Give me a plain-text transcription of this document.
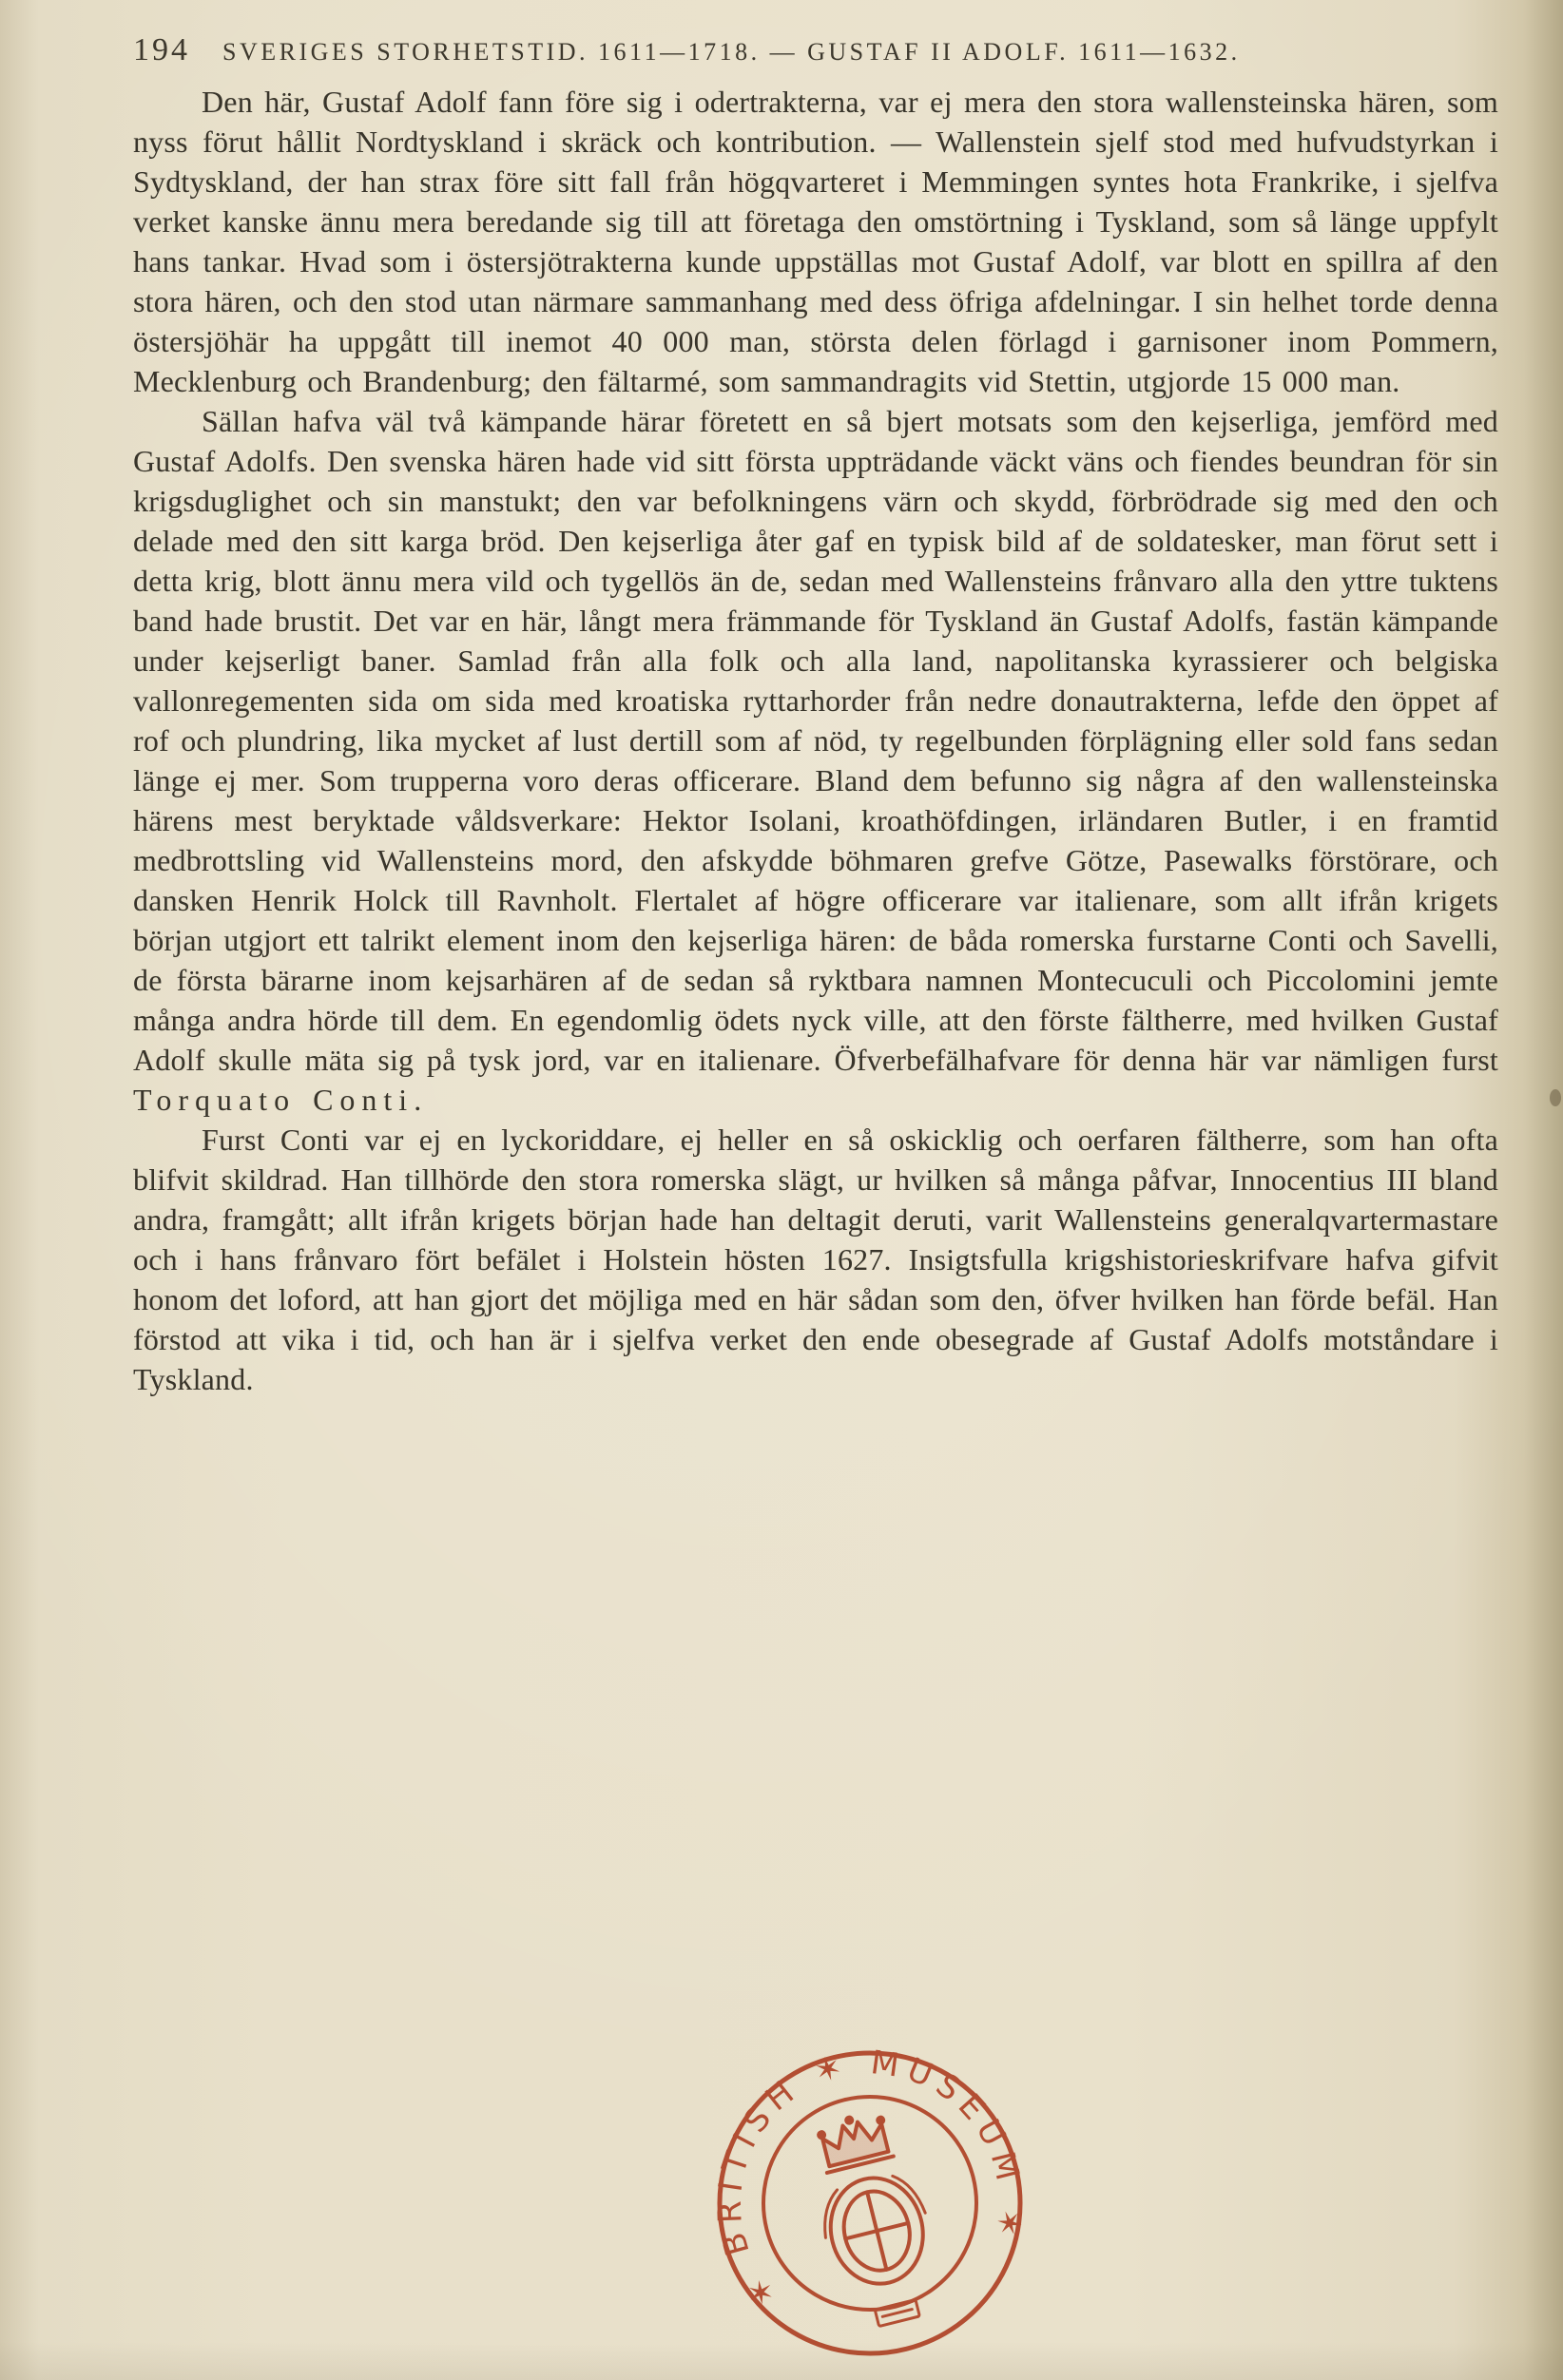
194 SVERIGES STORHETSTID. 1611—1718. — GUSTAF II ADOLF. 1611—1632.

Den här, Gustaf Adolf fann före sig i odertrakterna, var ej mera den stora wallensteinska hären, som nyss förut hållit Nordtyskland i skräck och kontribution. — Wallenstein sjelf stod med hufvudstyrkan i Sydtyskland, der han strax före sitt fall från högqvarteret i Memmingen syntes hota Frankrike, i sjelfva verket kanske ännu mera beredande sig till att företaga den omstörtning i Tyskland, som så länge uppfylt hans tankar. Hvad som i östersjötrakterna kunde uppställas mot Gustaf Adolf, var blott en spillra af den stora hären, och den stod utan närmare sammanhang med dess öfriga afdelningar. I sin helhet torde denna östersjöhär ha uppgått till inemot 40 000 man, största delen förlagd i garnisoner inom Pommern, Mecklenburg och Brandenburg; den fältarmé, som sammandragits vid Stettin, utgjorde 15 000 man.

Sällan hafva väl två kämpande härar företett en så bjert motsats som den kejserliga, jemförd med Gustaf Adolfs. Den svenska hären hade vid sitt första uppträdande väckt väns och fiendes beundran för sin krigsduglighet och sin manstukt; den var befolkningens värn och skydd, förbrödrade sig med den och delade med den sitt karga bröd. Den kejserliga åter gaf en typisk bild af de soldatesker, man förut sett i detta krig, blott ännu mera vild och tygellös än de, sedan med Wallensteins frånvaro alla den yttre tuktens band hade brustit. Det var en här, långt mera främmande för Tyskland än Gustaf Adolfs, fastän kämpande under kejserligt baner. Samlad från alla folk och alla land, napolitanska kyrassierer och belgiska vallonregementen sida om sida med kroatiska ryttarhorder från nedre donautrakterna, lefde den öppet af rof och plundring, lika mycket af lust dertill som af nöd, ty regelbunden förplägning eller sold fans sedan länge ej mer. Som trupperna voro deras officerare. Bland dem befunno sig några af den wallensteinska härens mest beryktade våldsverkare: Hektor Isolani, kroathöfdingen, irländaren Butler, i en framtid medbrottsling vid Wallensteins mord, den afskydde böhmaren grefve Götze, Pasewalks förstörare, och dansken Henrik Holck till Ravnholt. Flertalet af högre officerare var italienare, som allt ifrån krigets början utgjort ett talrikt element inom den kejserliga hären: de båda romerska furstarne Conti och Savelli, de första bärarne inom kejsarhären af de sedan så ryktbara namnen Montecuculi och Piccolomini jemte många andra hörde till dem. En egendomlig ödets nyck ville, att den förste fältherre, med hvilken Gustaf Adolf skulle mäta sig på tysk jord, var en italienare. Öfverbefälhafvare för denna här var nämligen furst Torquato Conti.

Furst Conti var ej en lyckoriddare, ej heller en så oskicklig och oerfaren fältherre, som han ofta blifvit skildrad. Han tillhörde den stora romerska slägt, ur hvilken så många påfvar, Innocentius III bland andra, framgått; allt ifrån krigets början hade han deltagit deruti, varit Wallensteins generalqvartermastare och i hans frånvaro fört befälet i Holstein hösten 1627. Insigtsfulla krigshistorieskrifvare hafva gifvit honom det loford, att han gjort det möjliga med en här sådan som den, öfver hvilken han förde befäl. Han förstod att vika i tid, och han är i sjelfva verket den ende obesegrade af Gustaf Adolfs motståndare i Tyskland.

✶ BRITISH ✶ MUSEUM ✶
